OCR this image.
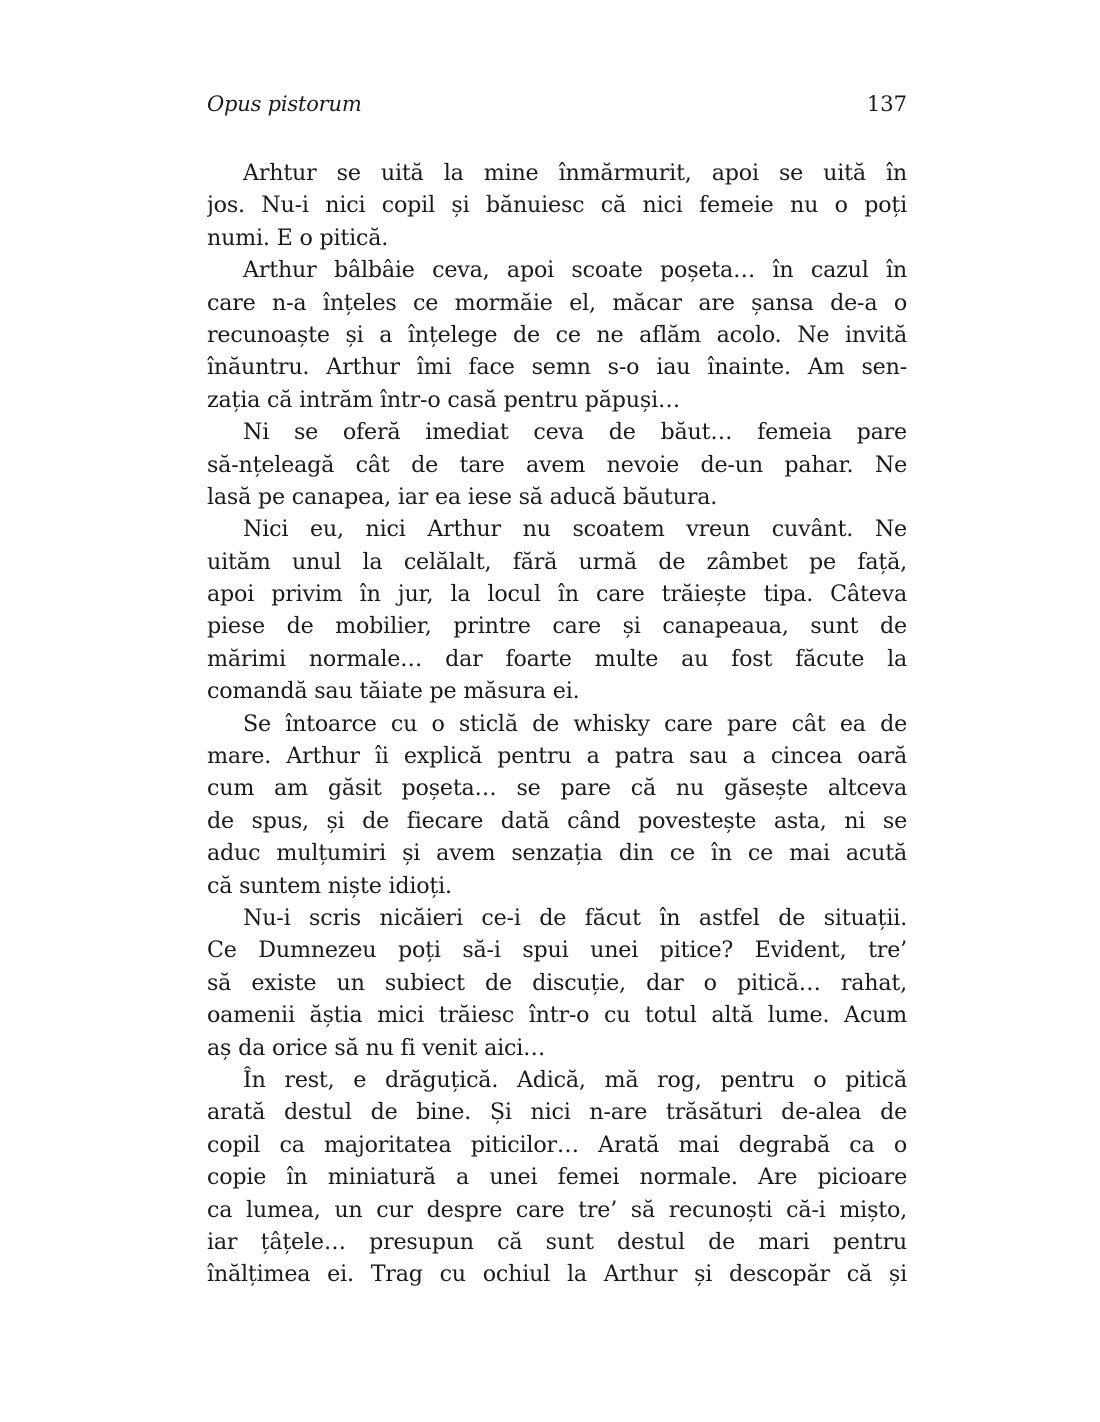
Opus pistorum	137
Arhtur se uită la mine înmărmurit, apoi se uită în
jos. Nu-i nici copil și bănuiesc că nici femeie nu o poți
numi. E o pitică.
Arthur bâlbâie ceva, apoi scoate poșeta… în cazul în
care n-a înțeles ce mormăie el, măcar are șansa de-a o
recunoaște și a înțelege de ce ne aflăm acolo. Ne invită
înăuntru. Arthur îmi face semn s-o iau înainte. Am sen-
zația că intrăm într-o casă pentru păpuși…
Ni se oferă imediat ceva de băut… femeia pare
să-nțeleagă cât de tare avem nevoie de-un pahar. Ne
lasă pe canapea, iar ea iese să aducă băutura.
Nici eu, nici Arthur nu scoatem vreun cuvânt. Ne
uităm unul la celălalt, fără urmă de zâmbet pe față,
apoi privim în jur, la locul în care trăiește tipa. Câteva
piese de mobilier, printre care și canapeaua, sunt de
mărimi normale… dar foarte multe au fost făcute la
comandă sau tăiate pe măsura ei.
Se întoarce cu o sticlă de whisky care pare cât ea de
mare. Arthur îi explică pentru a patra sau a cincea oară
cum am găsit poșeta… se pare că nu găsește altceva
de spus, și de fiecare dată când povestește asta, ni se
aduc mulțumiri și avem senzația din ce în ce mai acută
că suntem niște idioți.
Nu-i scris nicăieri ce-i de făcut în astfel de situații.
Ce Dumnezeu poți să-i spui unei pitice? Evident, tre’
să existe un subiect de discuție, dar o pitică… rahat,
oamenii ăștia mici trăiesc într-o cu totul altă lume. Acum
aș da orice să nu fi venit aici…
În rest, e drăguțică. Adică, mă rog, pentru o pitică
arată destul de bine. Și nici n-are trăsături de-alea de
copil ca majoritatea piticilor… Arată mai degrabă ca o
copie în miniatură a unei femei normale. Are picioare
ca lumea, un cur despre care tre’ să recunoști că-i mișto,
iar țâțele… presupun că sunt destul de mari pentru
înălțimea ei. Trag cu ochiul la Arthur și descopăr că și
